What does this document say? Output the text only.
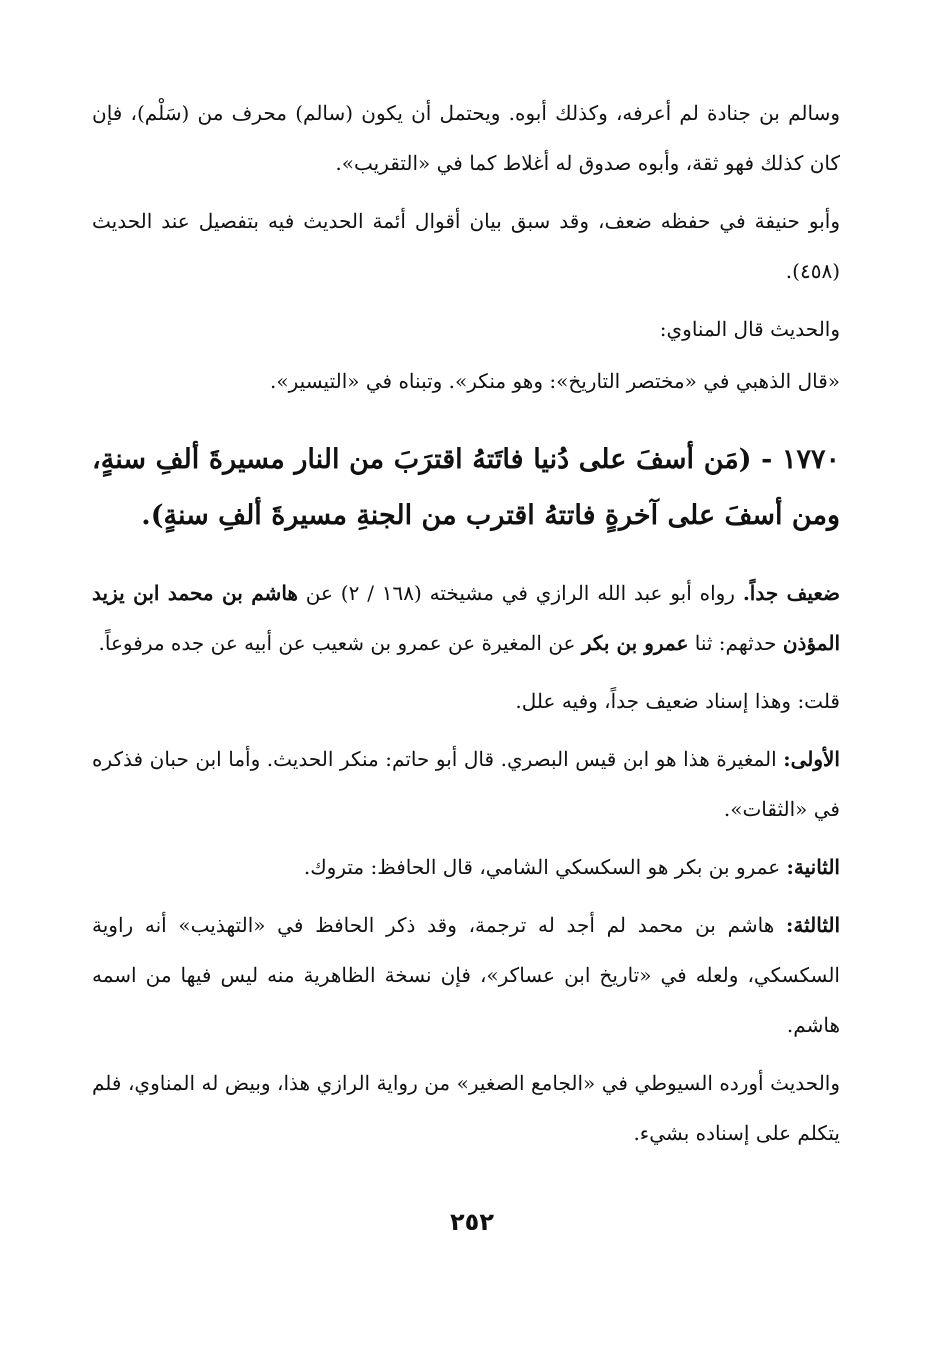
وسالم بن جنادة لم أعرفه، وكذلك أبوه. ويحتمل أن يكون (سالم) محرف من (سَلْم)، فإن كان كذلك فهو ثقة، وأبوه صدوق له أغلاط كما في «التقريب».

وأبو حنيفة في حفظه ضعف، وقد سبق بيان أقوال أئمة الحديث فيه بتفصيل عند الحديث (٤٥٨).

والحديث قال المناوي:

«قال الذهبي في «مختصر التاريخ»: وهو منكر». وتبناه في «التيسير».

١٧٧٠ - (مَن أسفَ على دُنيا فاتَتهُ اقترَبَ من النار مسيرةَ ألفِ سنةٍ، ومن أسفَ على آخرةٍ فاتتهُ اقترب من الجنةِ مسيرةَ ألفِ سنةٍ).

ضعيف جداً. رواه أبو عبد الله الرازي في مشيخته (١٦٨ / ٢) عن هاشم بن محمد ابن يزيد المؤذن حدثهم: ثنا عمرو بن بكر عن المغيرة عن عمرو بن شعيب عن أبيه عن جده مرفوعاً.

قلت: وهذا إسناد ضعيف جداً، وفيه علل.

الأولى: المغيرة هذا هو ابن قيس البصري. قال أبو حاتم: منكر الحديث. وأما ابن حبان فذكره في «الثقات».

الثانية: عمرو بن بكر هو السكسكي الشامي، قال الحافظ: متروك.

الثالثة: هاشم بن محمد لم أجد له ترجمة، وقد ذكر الحافظ في «التهذيب» أنه راوية السكسكي، ولعله في «تاريخ ابن عساكر»، فإن نسخة الظاهرية منه ليس فيها من اسمه هاشم.

والحديث أورده السيوطي في «الجامع الصغير» من رواية الرازي هذا، وبيض له المناوي، فلم يتكلم على إسناده بشيء.

٢٥٢
